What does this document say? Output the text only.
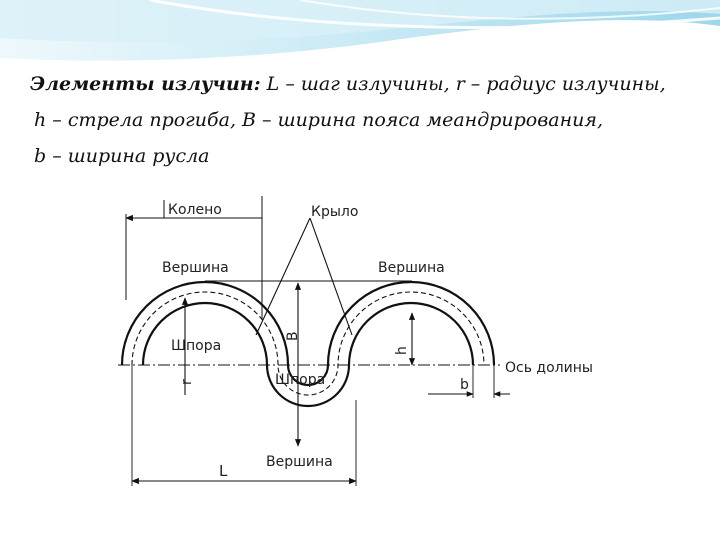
Элементы излучин: L – шаг излучины, r – радиус излучины,
h – стрела прогиба, B – ширина пояса меандрирования,
b – ширина русла
Колено	Крыло
Вершина	Вершина
Вершина
Шпора
Шпора
Ось долины
L
B
h
r	b
